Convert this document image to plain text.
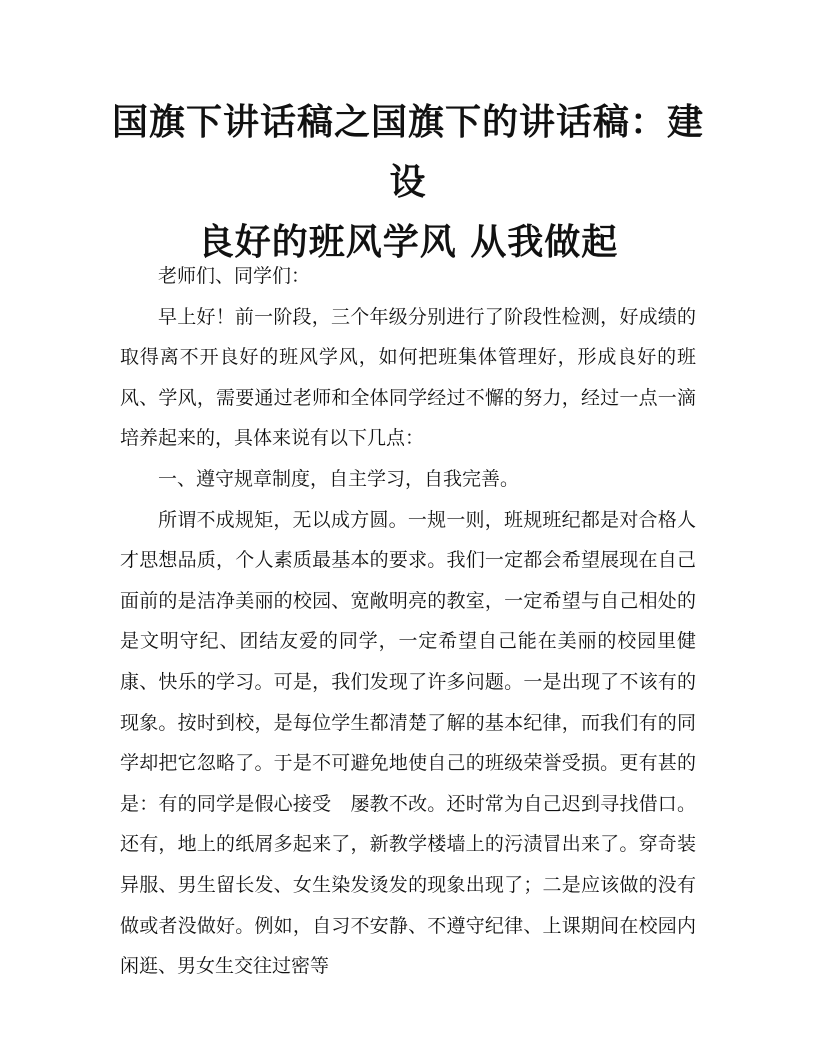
国旗下讲话稿之国旗下的讲话稿：建设
良好的班风学风 从我做起

老师们、同学们：

早上好！前一阶段，三个年级分别进行了阶段性检测，好成绩的取得离不开良好的班风学风，如何把班集体管理好，形成良好的班风、学风，需要通过老师和全体同学经过不懈的努力，经过一点一滴培养起来的，具体来说有以下几点：

一、遵守规章制度，自主学习，自我完善。

所谓不成规矩，无以成方圆。一规一则，班规班纪都是对合格人才思想品质，个人素质最基本的要求。我们一定都会希望展现在自己面前的是洁净美丽的校园、宽敞明亮的教室，一定希望与自己相处的是文明守纪、团结友爱的同学，一定希望自己能在美丽的校园里健康、快乐的学习。可是，我们发现了许多问题。一是出现了不该有的现象。按时到校，是每位学生都清楚了解的基本纪律，而我们有的同学却把它忽略了。于是不可避免地使自己的班级荣誉受损。更有甚的是：有的同学是假心接受　屡教不改。还时常为自己迟到寻找借口。还有，地上的纸屑多起来了，新教学楼墙上的污渍冒出来了。穿奇装异服、男生留长发、女生染发烫发的现象出现了；二是应该做的没有做或者没做好。例如，自习不安静、不遵守纪律、上课期间在校园内闲逛、男女生交往过密等
